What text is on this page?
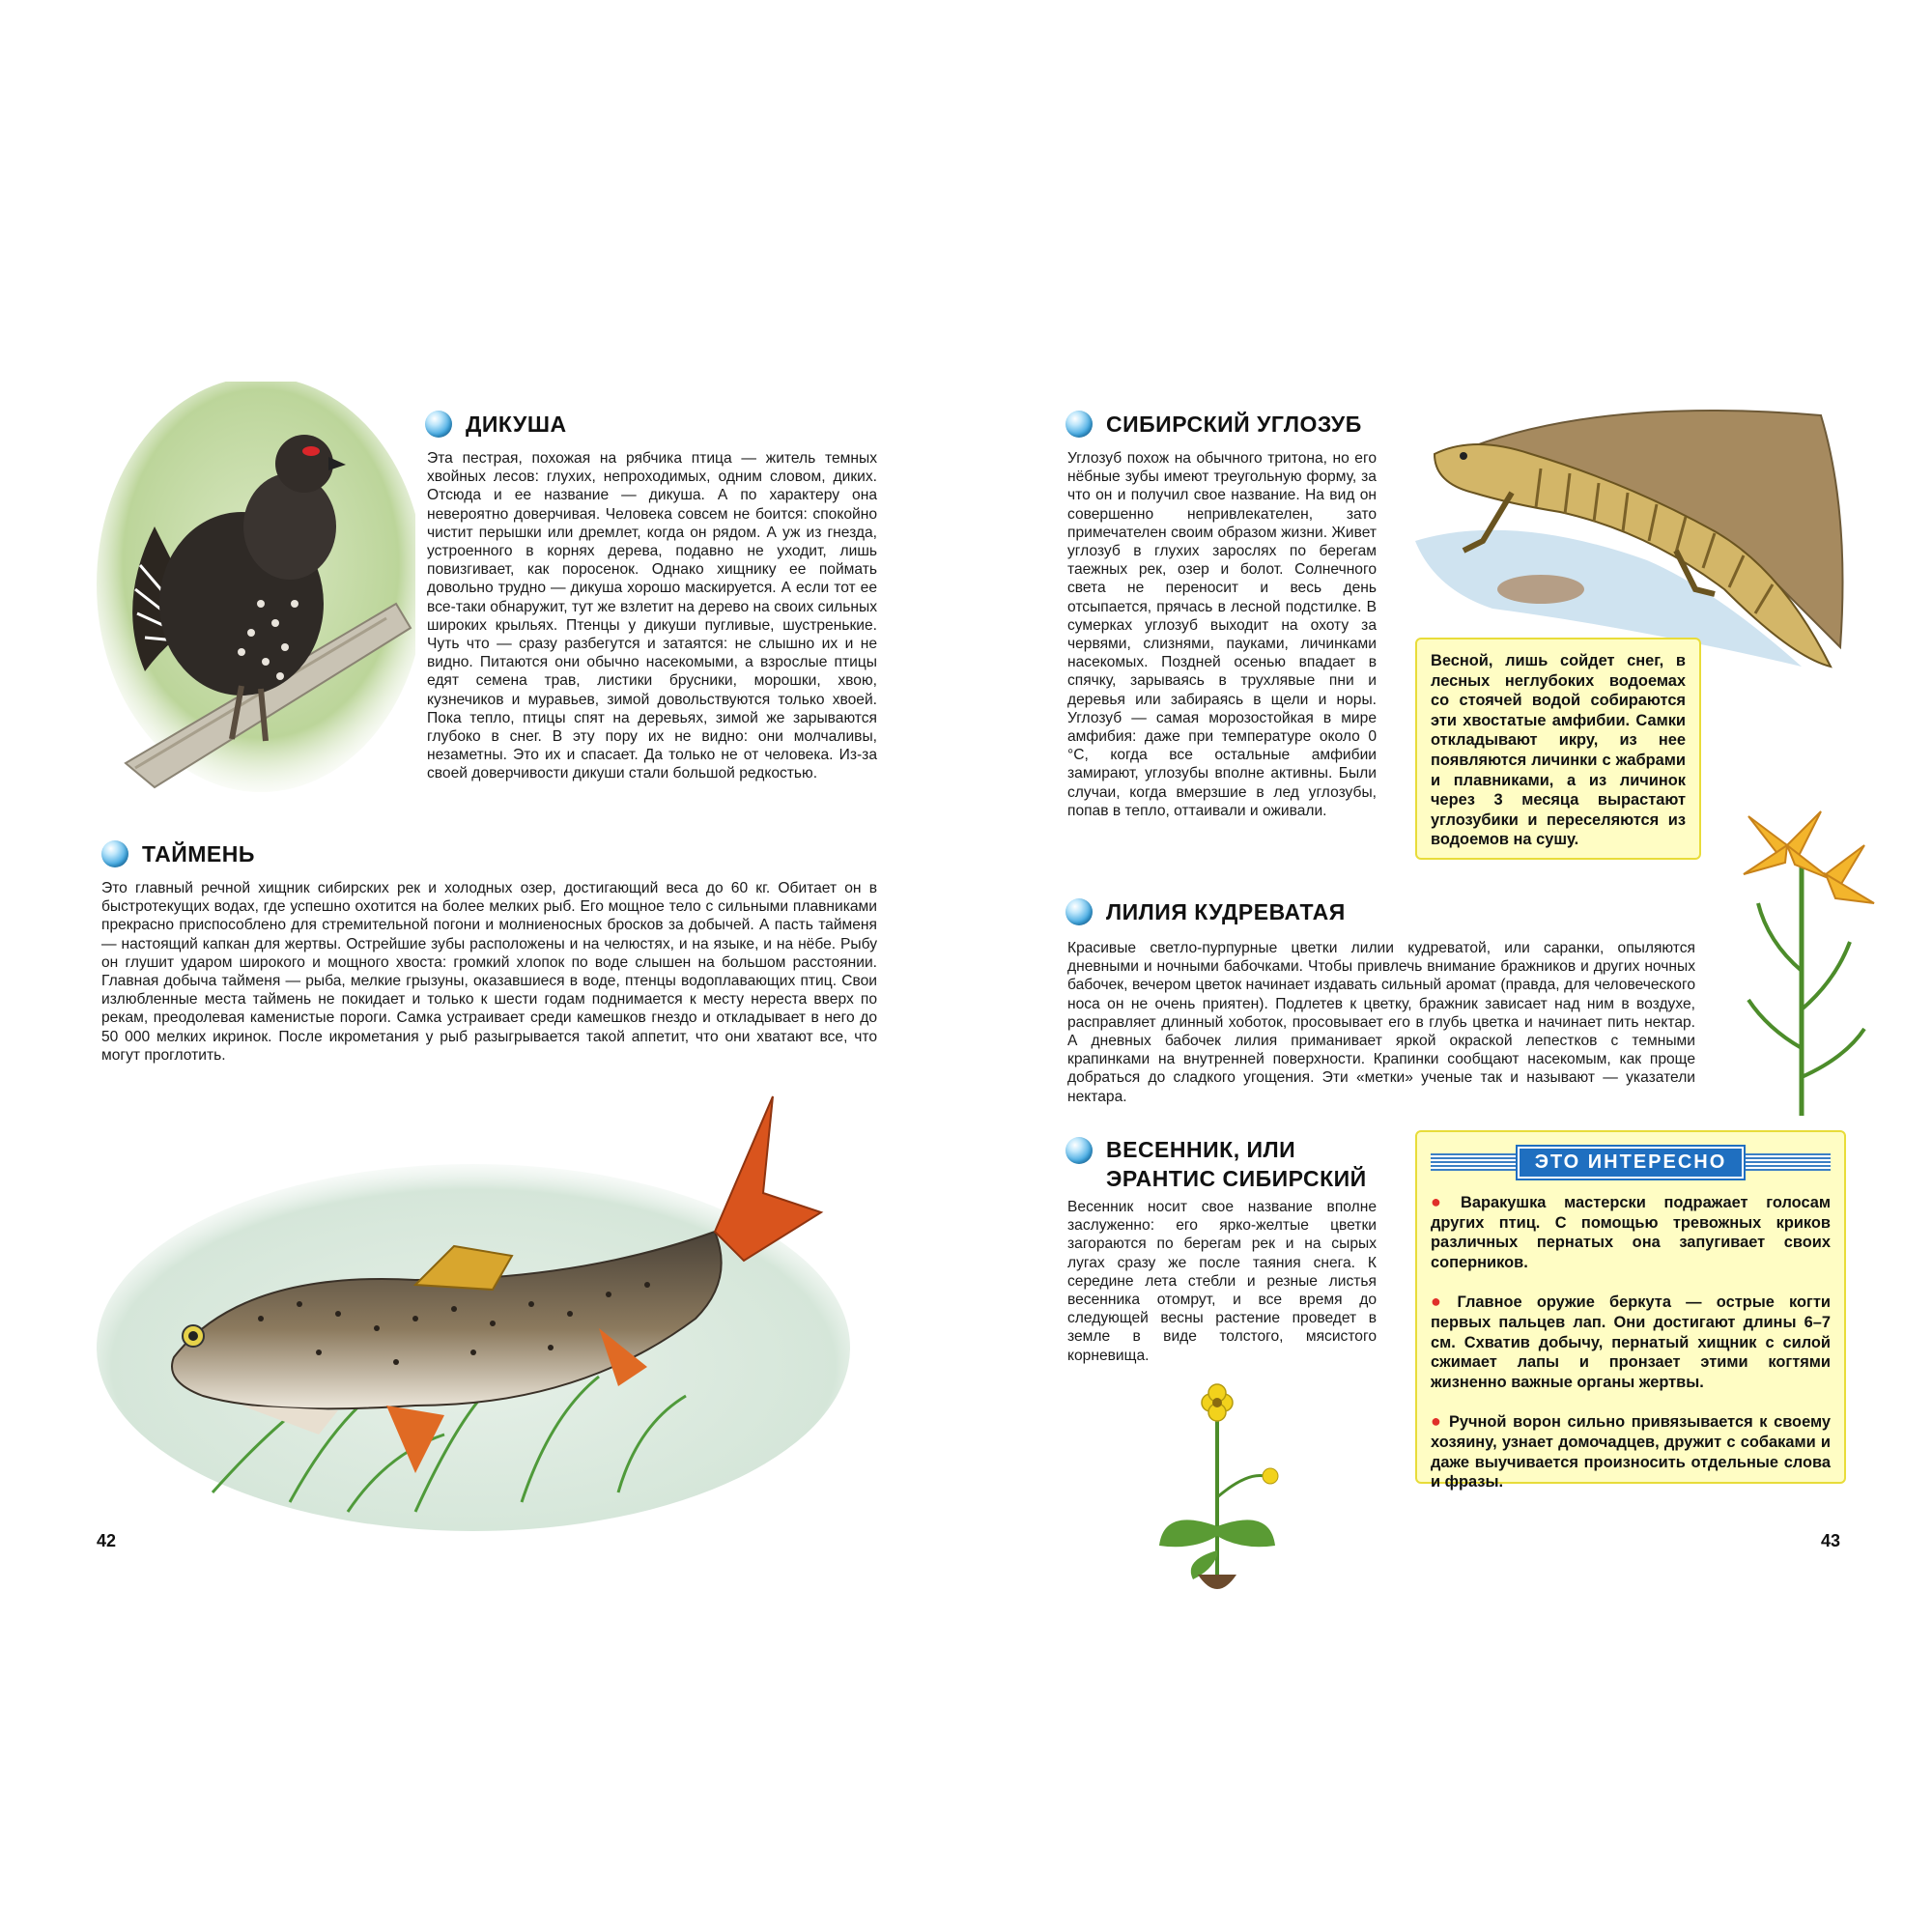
ДИКУША

Эта пестрая, похожая на рябчика птица — житель темных хвойных лесов: глухих, непроходимых, одним словом, диких. Отсюда и ее название — дикуша. А по характеру она невероятно доверчивая. Человека совсем не боится: спокойно чистит перышки или дремлет, когда он рядом. А уж из гнезда, устроенного в корнях дерева, подавно не уходит, лишь повизгивает, как поросенок. Однако хищнику ее поймать довольно трудно — дикуша хорошо маскируется. А если тот ее все-таки обнаружит, тут же взлетит на дерево на своих сильных широких крыльях. Птенцы у дикуши пугливые, шустренькие. Чуть что — сразу разбегутся и затаятся: не слышно их и не видно. Питаются они обычно насекомыми, а взрослые птицы едят семена трав, листики брусники, морошки, хвою, кузнечиков и муравьев, зимой довольствуются только хвоей. Пока тепло, птицы спят на деревьях, зимой же зарываются глубоко в снег. В эту пору их не видно: они молчаливы, незаметны. Это их и спасает. Да только не от человека. Из-за своей доверчивости дикуши стали большой редкостью.

ТАЙМЕНЬ

Это главный речной хищник сибирских рек и холодных озер, достигающий веса до 60 кг. Обитает он в быстротекущих водах, где успешно охотится на более мелких рыб. Его мощное тело с сильными плавниками прекрасно приспособлено для стремительной погони и молниеносных бросков за добычей. А пасть тайменя — настоящий капкан для жертвы. Острейшие зубы расположены и на челюстях, и на языке, и на нёбе. Рыбу он глушит ударом широкого и мощного хвоста: громкий хлопок по воде слышен на большом расстоянии. Главная добыча тайменя — рыба, мелкие грызуны, оказавшиеся в воде, птенцы водоплавающих птиц. Свои излюбленные места таймень не покидает и только к шести годам поднимается к месту нереста вверх по рекам, преодолевая каменистые пороги. Самка устраивает среди камешков гнездо и откладывает в него до 50 000 мелких икринок. После икрометания у рыб разыгрывается такой аппетит, что они хватают все, что могут проглотить.

42
СИБИРСКИЙ УГЛОЗУБ

Углозуб похож на обычного тритона, но его нёбные зубы имеют треугольную форму, за что он и получил свое название. На вид он совершенно непривлекателен, зато примечателен своим образом жизни. Живет углозуб в глухих зарослях по берегам таежных рек, озер и болот. Солнечного света не переносит и весь день отсыпается, прячась в лесной подстилке. В сумерках углозуб выходит на охоту за червями, слизнями, пауками, личинками насекомых. Поздней осенью впадает в спячку, зарываясь в трухлявые пни и деревья или забираясь в щели и норы. Углозуб — самая морозостойкая в мире амфибия: даже при температуре около 0 °С, когда все остальные амфибии замирают, углозубы вполне активны. Были случаи, когда вмерзшие в лед углозубы, попав в тепло, оттаивали и оживали.

Весной, лишь сойдет снег, в лесных неглубоких водоемах со стоячей водой собираются эти хвостатые амфибии. Самки откладывают икру, из нее появляются личинки с жабрами и плавниками, а из личинок через 3 месяца вырастают углозубики и переселяются из водоемов на сушу.

ЛИЛИЯ КУДРЕВАТАЯ

Красивые светло-пурпурные цветки лилии кудреватой, или саранки, опыляются дневными и ночными бабочками. Чтобы привлечь внимание бражников и других ночных бабочек, вечером цветок начинает издавать сильный аромат (правда, для человеческого носа он не очень приятен). Подлетев к цветку, бражник зависает над ним в воздухе, расправляет длинный хоботок, просовывает его в глубь цветка и начинает пить нектар. А дневных бабочек лилия приманивает яркой окраской лепестков с темными крапинками на внутренней поверхности. Крапинки сообщают насекомым, как проще добраться до сладкого угощения. Эти «метки» ученые так и называют — указатели нектара.

ВЕСЕННИК, ИЛИ
ЭРАНТИС СИБИРСКИЙ

Весенник носит свое название вполне заслуженно: его ярко-желтые цветки загораются по берегам рек и на сырых лугах сразу же после таяния снега. К середине лета стебли и резные листья весенника отомрут, и все время до следующей весны растение проведет в земле в виде толстого, мясистого корневища.

ЭТО ИНТЕРЕСНО

● Варакушка мастерски подражает голосам других птиц. С помощью тревожных криков различных пернатых она запугивает своих соперников.

● Главное оружие беркута — острые когти первых пальцев лап. Они достигают длины 6–7 см. Схватив добычу, пернатый хищник с силой сжимает лапы и пронзает этими когтями жизненно важные органы жертвы.

● Ручной ворон сильно привязывается к своему хозяину, узнает домочадцев, дружит с собаками и даже выучивается произносить отдельные слова и фразы.

43
